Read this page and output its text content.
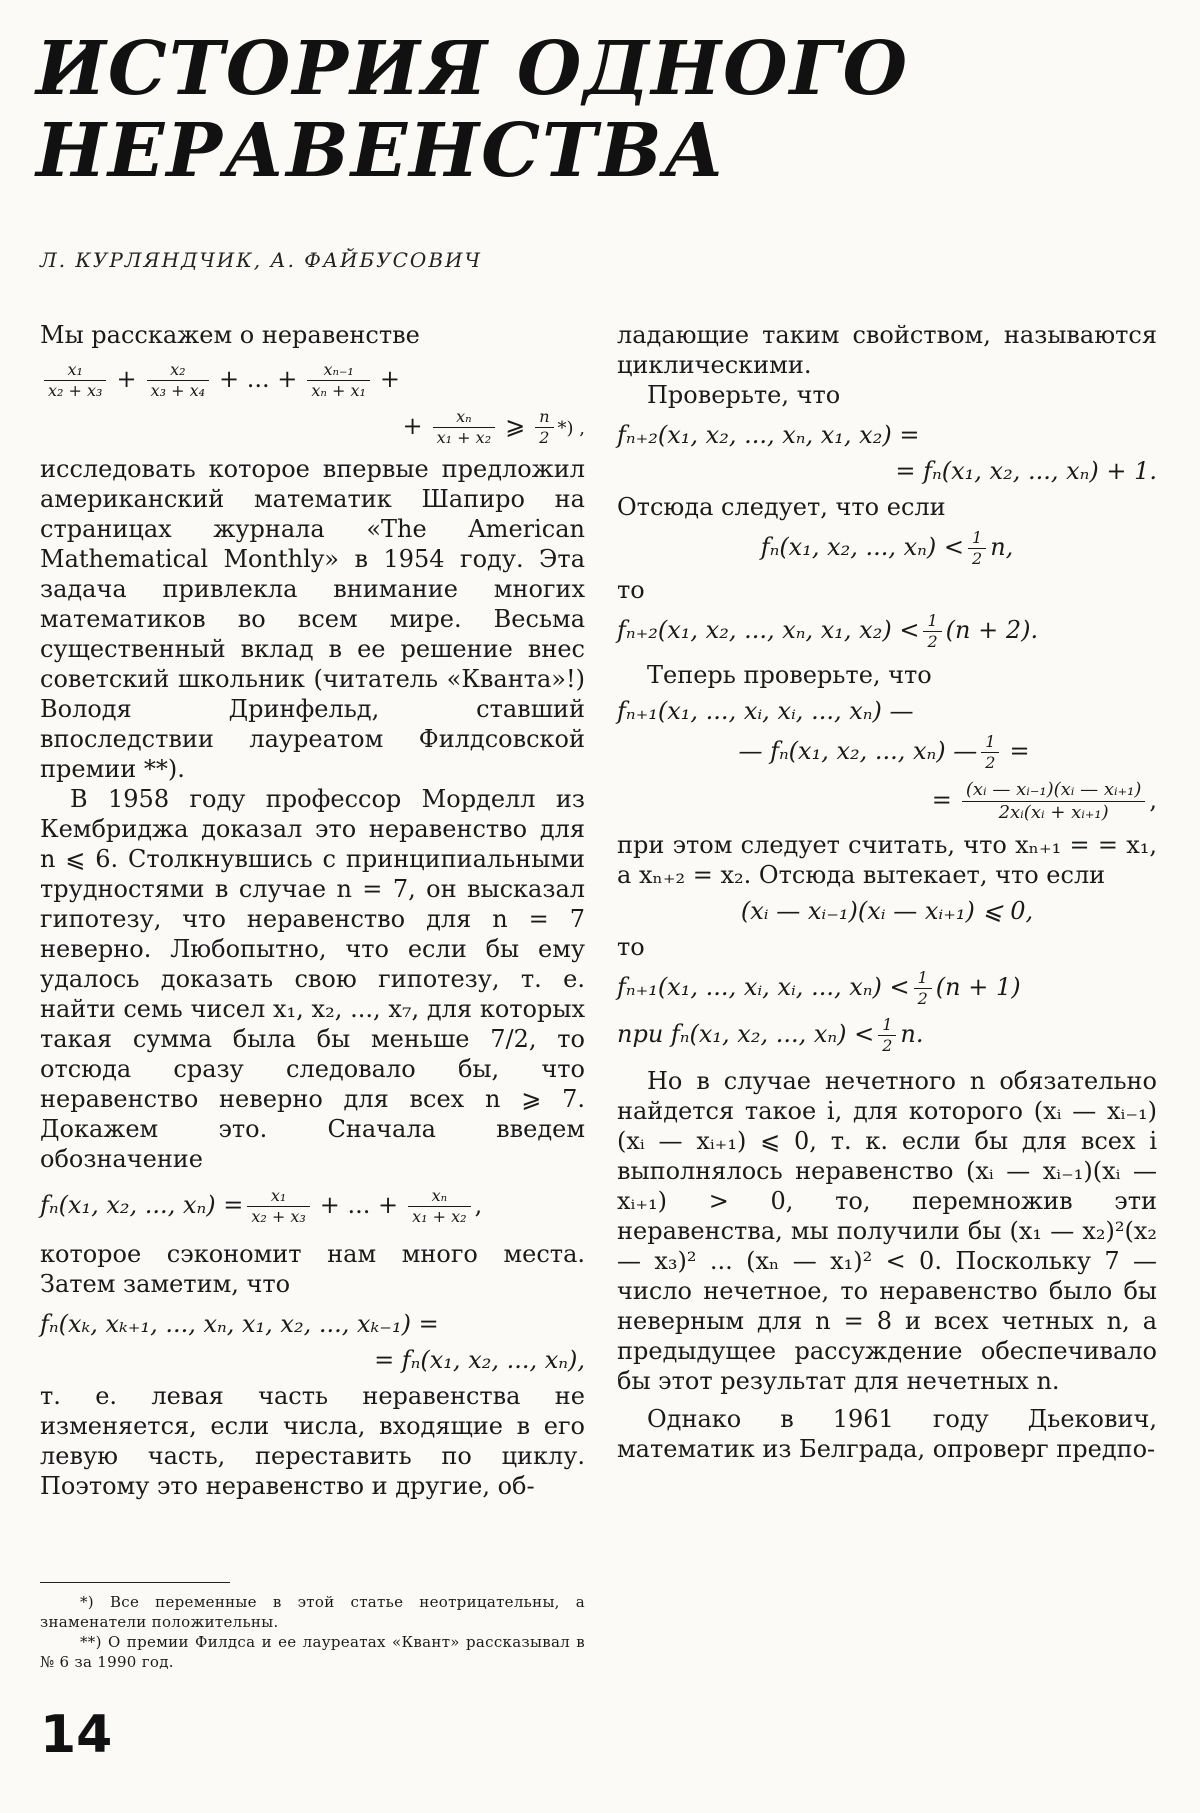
ИСТОРИЯ ОДНОГО
НЕРАВЕНСТВА
Л. КУРЛЯНДЧИК, А. ФАЙБУСОВИЧ

Мы расскажем о неравенстве

$\frac{\text{x₁}}{\text{x₂ + x₃}} + \frac{\text{x₂}}{\text{x₃ + x₄}}$ + ... + $\frac{\text{xₙ₋₁}}{\text{xₙ + x₁}}$ +
+ $\frac{\text{xₙ}}{\text{x₁ + x₂}}$ ⩾ $\frac{n}{2}$ *) ,

исследовать которое впервые предложил американский математик Шапиро на страницах журнала «The American Mathematical Monthly» в 1954 году. Эта задача привлекла внимание многих математиков во всем мире. Весьма существенный вклад в ее решение внес советский школьник (читатель «Кванта»!) Володя Дринфельд, ставший впоследствии лауреатом Филдсовской премии **).

В 1958 году профессор Морделл из Кембриджа доказал это неравенство для n ⩽ 6. Столкнувшись с принципиальными трудностями в случае n = 7, он высказал гипотезу, что неравенство для n = 7 неверно. Любопытно, что если бы ему удалось доказать свою гипотезу, т. е. найти семь чисел x₁, x₂, ..., x₇, для которых такая сумма была бы меньше 7/2, то отсюда сразу следовало бы, что неравенство неверно для всех n ⩾ 7. Докажем это. Сначала введем обозначение

fₙ(x₁, x₂, ..., $x_n) = \frac{\text{x₁}}{\text{x₂ + x₃}}$ + ... + $\frac{\text{xₙ}}{\text{x₁ + x₂}}$ ,

которое сэкономит нам много места. Затем заметим, что

fₙ(xₖ, xₖ₊₁, ..., xₙ, x₁, x₂, ..., xₖ₋₁) =
= fₙ(x₁, x₂, ..., xₙ),

т. е. левая часть неравенства не изменяется, если числа, входящие в его левую часть, переставить по циклу. Поэтому это неравенство и другие, об-

ладающие таким свойством, называются циклическими.

Проверьте, что

fₙ₊₂(x₁, x₂, ..., xₙ, x₁, x₂) =
= fₙ(x₁, x₂, ..., xₙ) + 1.

Отсюда следует, что если

fₙ(x₁, x₂, ..., $x_n) < \frac{1}{2} n$,

то

fₙ₊₂(x₁, x₂, ..., xₙ, x₁, $x_2) < \frac{1}{2} (n + 2)$.

Теперь проверьте, что

fₙ₊₁(x₁, ..., xᵢ, xᵢ, ..., xₙ) —
— fₙ(x₁, x₂, ..., xₙ) — $\frac{1}{2}$ =
= $\frac{\text{(xᵢ — xᵢ₋₁)(xᵢ — xᵢ₊₁)}}{\text{2xᵢ(xᵢ + xᵢ₊₁)}}$ ,

при этом следует считать, что xₙ₊₁ = = x₁, а xₙ₊₂ = x₂. Отсюда вытекает, что если

(xᵢ — xᵢ₋₁)(xᵢ — xᵢ₊₁) ⩽ 0,

то

fₙ₊₁(x₁, ..., xᵢ, xᵢ, ..., $x_n) < \frac{1}{2} (n + 1)$
при fₙ(x₁, x₂, ..., $x_n) < \frac{1}{2} n$.

Но в случае нечетного n обязательно найдется такое i, для которого (xᵢ — xᵢ₋₁)(xᵢ — xᵢ₊₁) ⩽ 0, т. к. если бы для всех i выполнялось неравенство (xᵢ — xᵢ₋₁)(xᵢ — xᵢ₊₁) > 0, то, перемножив эти неравенства, мы получили бы (x₁ — x₂)²(x₂ — x₃)² ... (xₙ — x₁)² < 0. Поскольку 7 — число нечетное, то неравенство было бы неверным для n = 8 и всех четных n, а предыдущее рассуждение обеспечивало бы этот результат для нечетных n.

Однако в 1961 году Дьекович, математик из Белграда, опроверг предпо-

*) Все переменные в этой статье неотрицательны, а знаменатели положительны.

**) О премии Филдса и ее лауреатах «Квант» рассказывал в № 6 за 1990 год.

14
